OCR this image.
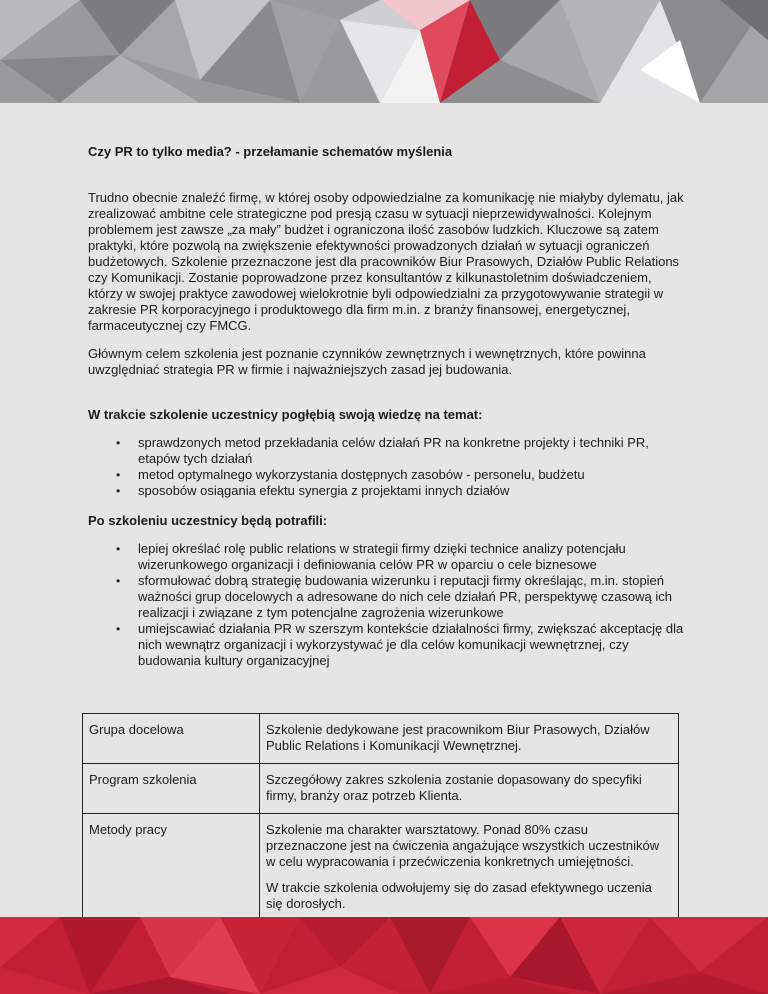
Czy PR to tylko media? - przełamanie schematów myślenia

Trudno obecnie znaleźć firmę, w której osoby odpowiedzialne za komunikację nie miałyby dylematu, jak zrealizować ambitne cele strategiczne pod presją czasu w sytuacji nieprzewidywalności. Kolejnym problemem jest zawsze „za mały” budżet i ograniczona ilość zasobów ludzkich. Kluczowe są zatem praktyki, które pozwolą na zwiększenie efektywności prowadzonych działań w sytuacji ograniczeń budżetowych. Szkolenie przeznaczone jest dla pracowników Biur Prasowych, Działów Public Relations czy Komunikacji. Zostanie poprowadzone przez konsultantów z kilkunastoletnim doświadczeniem, którzy w swojej praktyce zawodowej wielokrotnie byli odpowiedzialni za przygotowywanie strategii w zakresie PR korporacyjnego i produktowego dla firm m.in. z branży finansowej, energetycznej, farmaceutycznej czy FMCG.

Głównym celem szkolenia jest poznanie czynników zewnętrznych i wewnętrznych, które powinna uwzględniać strategia PR w firmie i najważniejszych zasad jej budowania.

W trakcie szkolenie uczestnicy pogłębią swoją wiedzę na temat:

• sprawdzonych metod przekładania celów działań PR na konkretne projekty i techniki PR, etapów tych działań
• metod optymalnego wykorzystania dostępnych zasobów - personelu, budżetu
• sposobów osiągania efektu synergia z projektami innych działów

Po szkoleniu uczestnicy będą potrafili:

• lepiej określać rolę public relations w strategii firmy dzięki technice analizy potencjału wizerunkowego organizacji i definiowania celów PR w oparciu o cele biznesowe
• sformułować dobrą strategię budowania wizerunku i reputacji firmy określając, m.in. stopień ważności grup docelowych a adresowane do nich cele działań PR, perspektywę czasową ich realizacji i związane z tym potencjalne zagrożenia wizerunkowe
• umiejscawiać działania PR w szerszym kontekście działalności firmy, zwiększać akceptację dla nich wewnątrz organizacji i wykorzystywać je dla celów komunikacji wewnętrznej, czy budowania kultury organizacyjnej
Grupa docelowa	Szkolenie dedykowane jest pracownikom Biur Prasowych, Działów Public Relations i Komunikacji Wewnętrznej.

Program szkolenia	Szczegółowy zakres szkolenia zostanie dopasowany do specyfiki firmy, branży oraz potrzeb Klienta.

Metody pracy	Szkolenie ma charakter warsztatowy. Ponad 80% czasu przeznaczone jest na ćwiczenia angażujące wszystkich uczestników w celu wypracowania i przećwiczenia konkretnych umiejętności.

W trakcie szkolenia odwołujemy się do zasad efektywnego uczenia się dorosłych.
